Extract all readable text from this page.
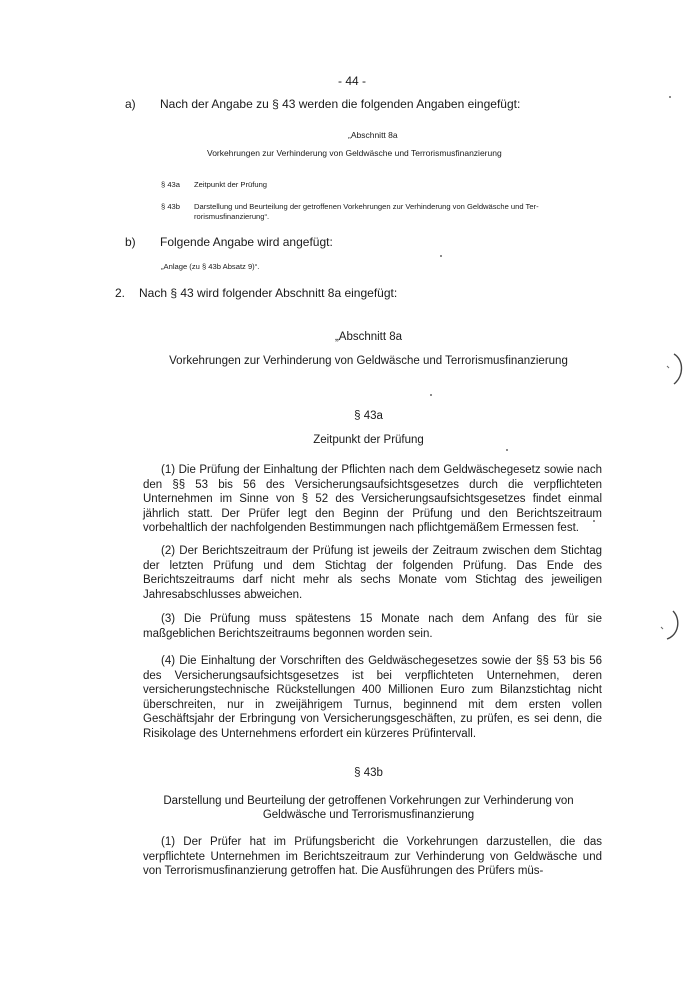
- 44 -
a) Nach der Angabe zu § 43 werden die folgenden Angaben eingefügt:
„Abschnitt 8a
Vorkehrungen zur Verhinderung von Geldwäsche und Terrorismusfinanzierung
§ 43a Zeitpunkt der Prüfung
§ 43b Darstellung und Beurteilung der getroffenen Vorkehrungen zur Verhinderung von Geldwäsche und Ter-
rorismusfinanzierung“.
b) Folgende Angabe wird angefügt:
„Anlage (zu § 43b Absatz 9)“.
2. Nach § 43 wird folgender Abschnitt 8a eingefügt:
„Abschnitt 8a
Vorkehrungen zur Verhinderung von Geldwäsche und Terrorismusfinanzierung
§ 43a
Zeitpunkt der Prüfung
(1) Die Prüfung der Einhaltung der Pflichten nach dem Geldwäschegesetz sowie nach den §§ 53 bis 56 des Versicherungsaufsichtsgesetzes durch die verpflichteten Unternehmen im Sinne von § 52 des Versicherungsaufsichtsgesetzes findet einmal jährlich statt. Der Prüfer legt den Beginn der Prüfung und den Berichtszeitraum vorbehaltlich der nachfolgenden Bestimmungen nach pflichtgemäßem Ermessen fest.
(2) Der Berichtszeitraum der Prüfung ist jeweils der Zeitraum zwischen dem Stichtag der letzten Prüfung und dem Stichtag der folgenden Prüfung. Das Ende des Berichtszeitraums darf nicht mehr als sechs Monate vom Stichtag des jeweiligen Jahresabschlusses abweichen.
(3) Die Prüfung muss spätestens 15 Monate nach dem Anfang des für sie maßgeblichen Berichtszeitraums begonnen worden sein.
(4) Die Einhaltung der Vorschriften des Geldwäschegesetzes sowie der §§ 53 bis 56 des Versicherungsaufsichtsgesetzes ist bei verpflichteten Unternehmen, deren versicherungstechnische Rückstellungen 400 Millionen Euro zum Bilanzstichtag nicht überschreiten, nur in zweijährigem Turnus, beginnend mit dem ersten vollen Geschäftsjahr der Erbringung von Versicherungsgeschäften, zu prüfen, es sei denn, die Risikolage des Unternehmens erfordert ein kürzeres Prüfintervall.
§ 43b
Darstellung und Beurteilung der getroffenen Vorkehrungen zur Verhinderung von
Geldwäsche und Terrorismusfinanzierung
(1) Der Prüfer hat im Prüfungsbericht die Vorkehrungen darzustellen, die das verpflichtete Unternehmen im Berichtszeitraum zur Verhinderung von Geldwäsche und von Terrorismusfinanzierung getroffen hat. Die Ausführungen des Prüfers müs-
